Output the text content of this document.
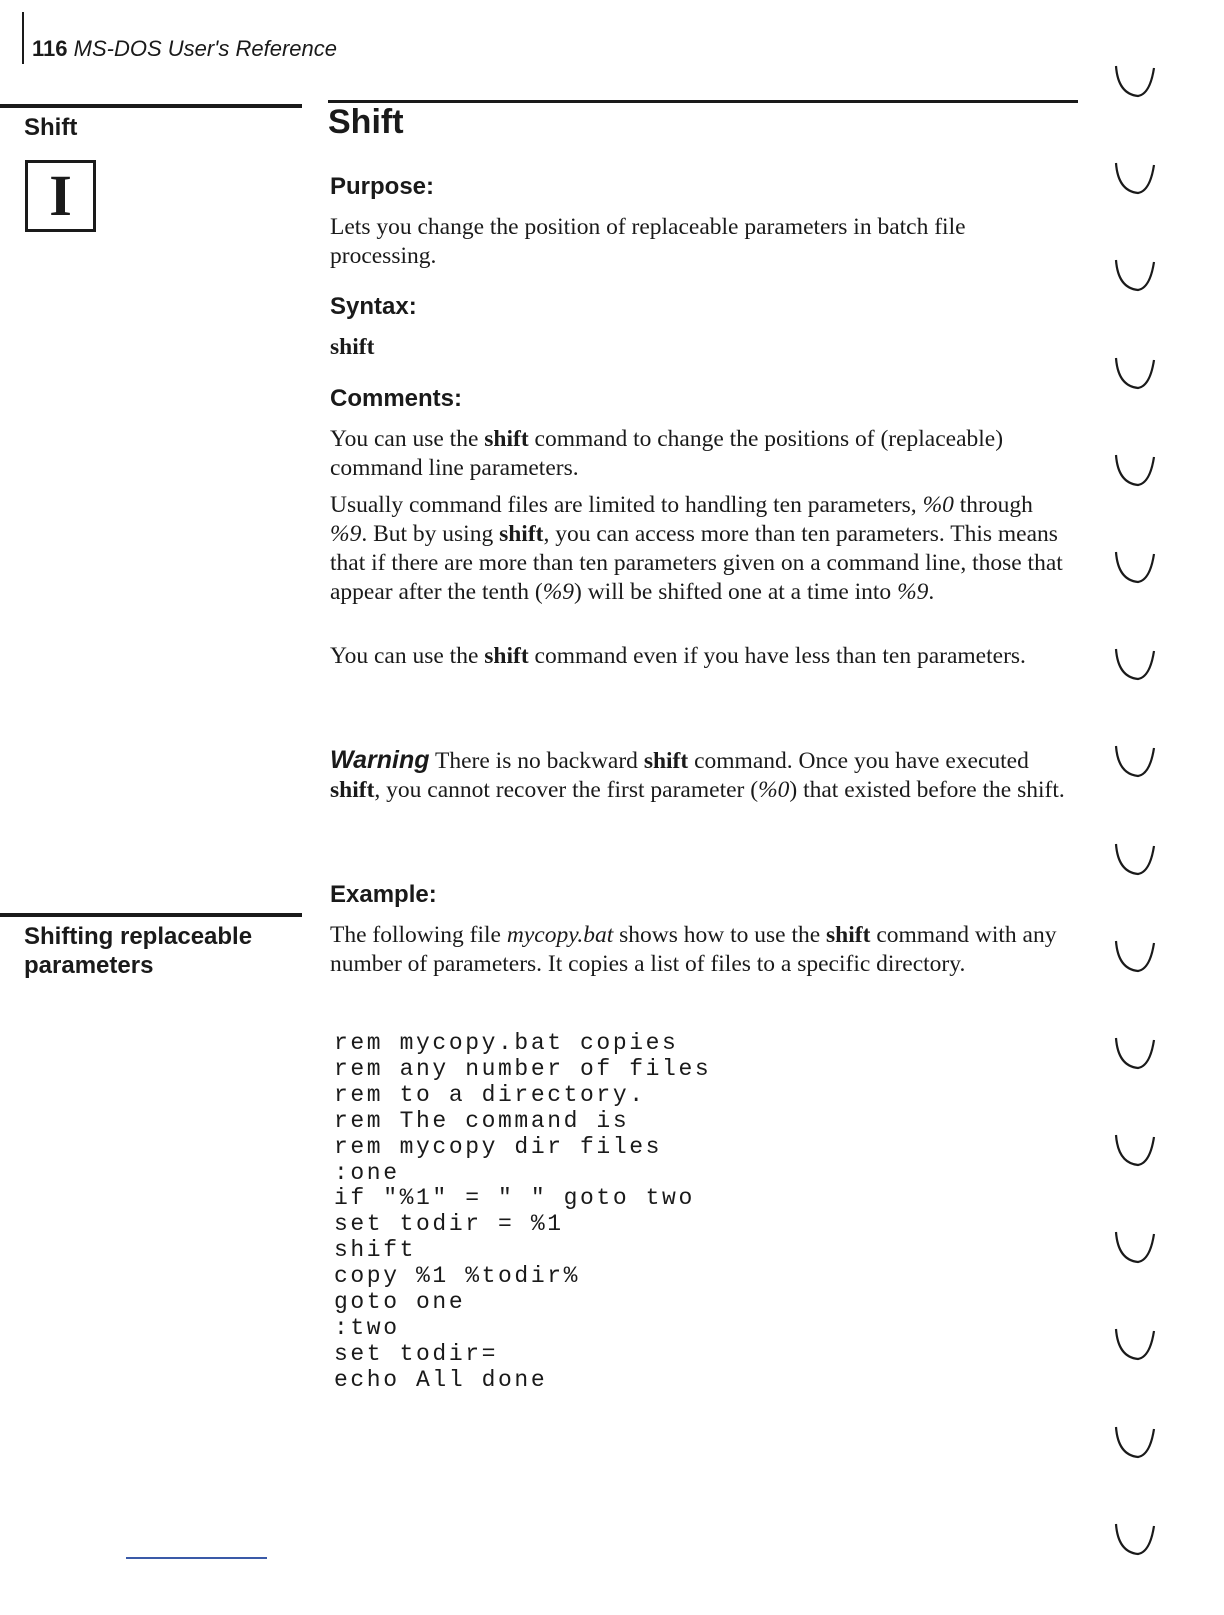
116 MS-DOS User's Reference
Shift
I
Shifting replaceable parameters
Shift
Purpose:
Lets you change the position of replaceable parameters in batch file processing.
Syntax:
shift
Comments:
You can use the shift command to change the positions of (replaceable) command line parameters.
Usually command files are limited to handling ten parameters, %0 through %9. But by using shift, you can access more than ten parameters. This means that if there are more than ten parameters given on a command line, those that appear after the tenth (%9) will be shifted one at a time into %9.
You can use the shift command even if you have less than ten parameters.
Warning There is no backward shift command. Once you have executed shift, you cannot recover the first parameter (%0) that existed before the shift.
Example:
The following file mycopy.bat shows how to use the shift command with any number of parameters. It copies a list of files to a specific directory.
rem mycopy.bat copies
rem any number of files
rem to a directory.
rem The command is
rem mycopy dir files
:one
if "%1" = " " goto two
set todir = %1
shift
copy %1 %todir%
goto one
:two
set todir=
echo All done
